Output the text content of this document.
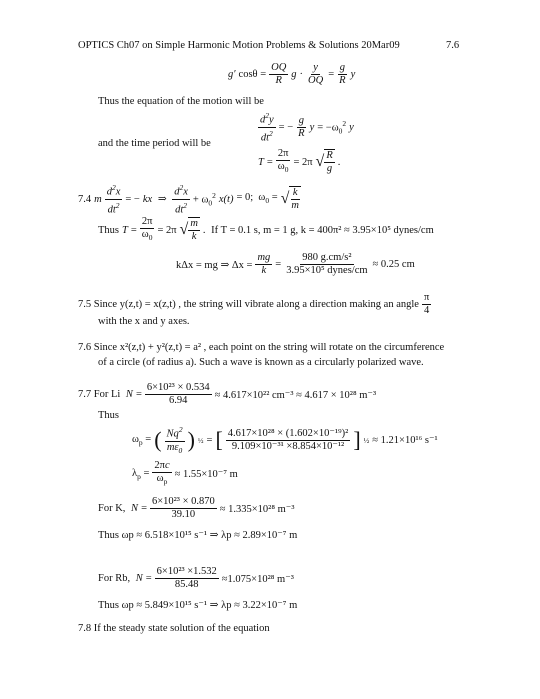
OPTICS Ch07 on Simple Harmonic Motion Problems & Solutions 20Mar09	7.6
g′ $\cos\theta = \frac{OQ}{R}$ $g \cdot \frac{y}{OQ} = \frac{g}{R}$ y
Thus the equation of the motion will be
$\frac{d^2y}{dt^2}$ = − $\frac{g}{R}$ $y = -\omega_0^2$ y
and the time period will be
$T = \frac{2\pi}{\omega_0} = 2\pi$ √ $\frac{R}{g}$ .
7.4 m $\frac{d^2x}{dt^2}$ = − kx ⇒ $\frac{d^2x}{dt^2} + \omega_0^2$ x(t) = 0;  $\omega_0$ = √ $\frac{k}{m}$
Thus $T = \frac{2\pi}{\omega_0} = 2\pi$ √ $\frac{m}{k}$ . If T = 0.1 s, m = 1 g, k = 400π² ≈ 3.95×10⁵ dynes/cm
kΔx = mg ⇒ $\Delta x = \frac{mg}{k} = \frac{\text{980 g.cm/s²}}{\text{3.95×10⁵ dynes/cm}} \approx 0.25$ cm
7.5 Since y(z,t) = x(z,t) , the string will vibrate along a direction making an angle $\frac{\pi}{4}$
with the x and y axes.
7.6 Since x²(z,t) + y²(z,t) = a² , each point on the string will rotate on the circumference
of a circle (of radius a). Such a wave is known as a circularly polarized wave.
7.7 For Li $N = \frac{\text{6×10²³ × 0.534}}{6.94} \approx 4.617\times 10^{22}$ cm⁻³ ≈ 4.617 × 10²⁸ m⁻³
Thus
$\omega_p$ = ( $\frac{Nq^2}{m\varepsilon_0}$ ) ½ = [ $\frac{\text{4.617×10²⁸ × (1.602×10⁻¹⁹)²}}{\text{9.109×10⁻³¹ ×8.854×10⁻¹²}}$ ] ½ ≈ 1.21×10¹⁶ s⁻¹
$\lambda_p = \frac{2\pi c}{\omega_p} \approx 1.55\times 10^{-7}$ m
For K, $N = \frac{\text{6×10²³ × 0.870}}{39.10} \approx 1.335\times 10^{28}$ m⁻³
Thus ωp ≈ 6.518×10¹⁵ s⁻¹ ⇒ λp ≈ 2.89×10⁻⁷ m
For Rb, $N = \frac{\text{6×10²³ ×1.532}}{85.48} \approx 1.075\times 10^{28}$ m⁻³
Thus ωp ≈ 5.849×10¹⁵ s⁻¹ ⇒ λp ≈ 3.22×10⁻⁷ m
7.8 If the steady state solution of the equation
